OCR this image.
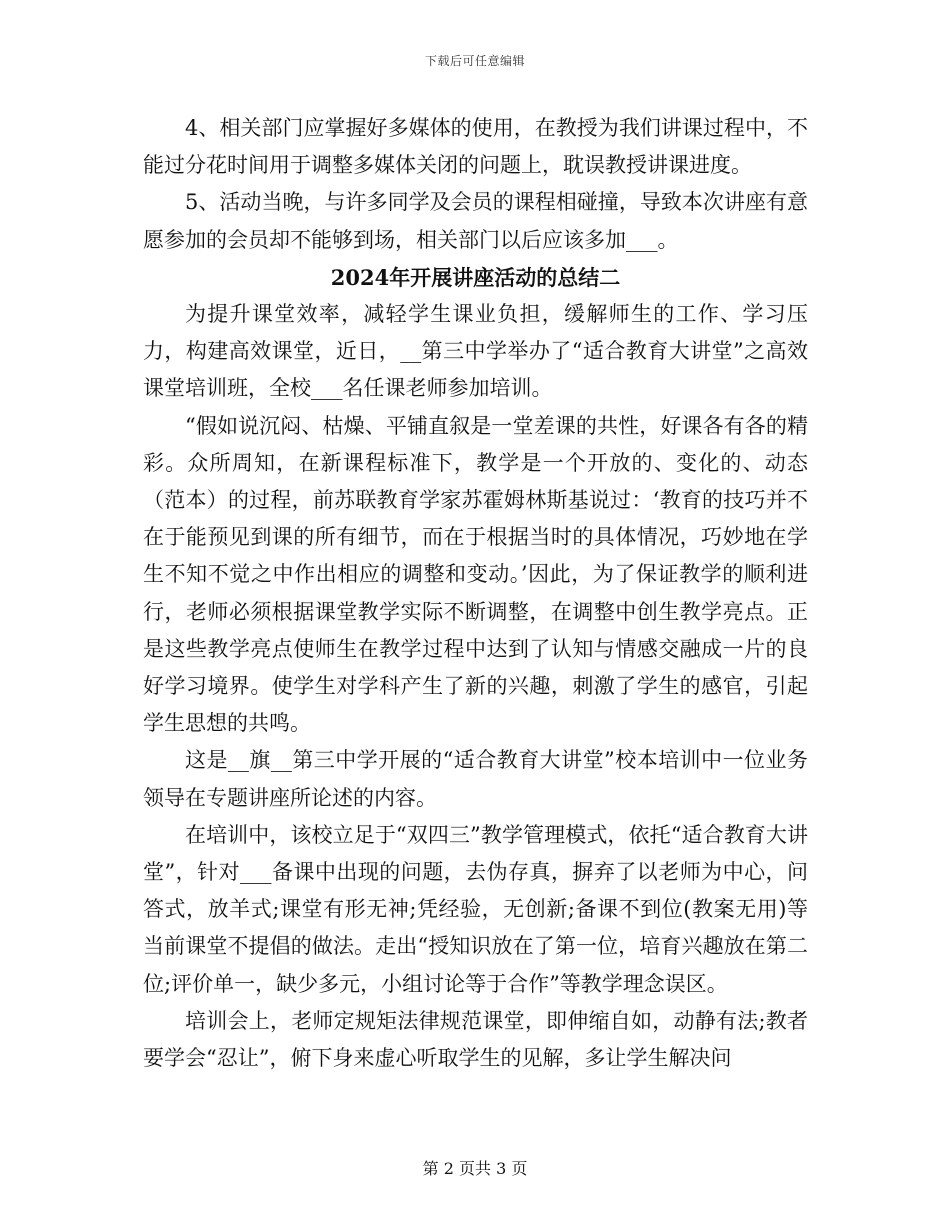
下载后可任意编辑

4、相关部门应掌握好多媒体的使用，在教授为我们讲课过程中，不能过分花时间用于调整多媒体关闭的问题上，耽误教授讲课进度。

5、活动当晚，与许多同学及会员的课程相碰撞，导致本次讲座有意愿参加的会员却不能够到场，相关部门以后应该多加___。

2024年开展讲座活动的总结二

为提升课堂效率，减轻学生课业负担，缓解师生的工作、学习压力，构建高效课堂，近日，__第三中学举办了“适合教育大讲堂”之高效课堂培训班，全校___名任课老师参加培训。

“假如说沉闷、枯燥、平铺直叙是一堂差课的共性，好课各有各的精彩。众所周知，在新课程标准下，教学是一个开放的、变化的、动态（范本）的过程，前苏联教育学家苏霍姆林斯基说过：‘教育的技巧并不在于能预见到课的所有细节，而在于根据当时的具体情况，巧妙地在学生不知不觉之中作出相应的调整和变动。’因此，为了保证教学的顺利进行，老师必须根据课堂教学实际不断调整，在调整中创生教学亮点。正是这些教学亮点使师生在教学过程中达到了认知与情感交融成一片的良好学习境界。使学生对学科产生了新的兴趣，刺激了学生的感官，引起学生思想的共鸣。

这是__旗__第三中学开展的“适合教育大讲堂”校本培训中一位业务领导在专题讲座所论述的内容。

在培训中，该校立足于“双四三”教学管理模式，依托“适合教育大讲堂”，针对___备课中出现的问题，去伪存真，摒弃了以老师为中心，问答式，放羊式;课堂有形无神;凭经验，无创新;备课不到位(教案无用)等当前课堂不提倡的做法。走出“授知识放在了第一位，培育兴趣放在第二位;评价单一，缺少多元，小组讨论等于合作”等教学理念误区。

培训会上，老师定规矩法律规范课堂，即伸缩自如，动静有法;教者要学会“忍让”，俯下身来虚心听取学生的见解，多让学生解决问

第 2 页共 3 页
